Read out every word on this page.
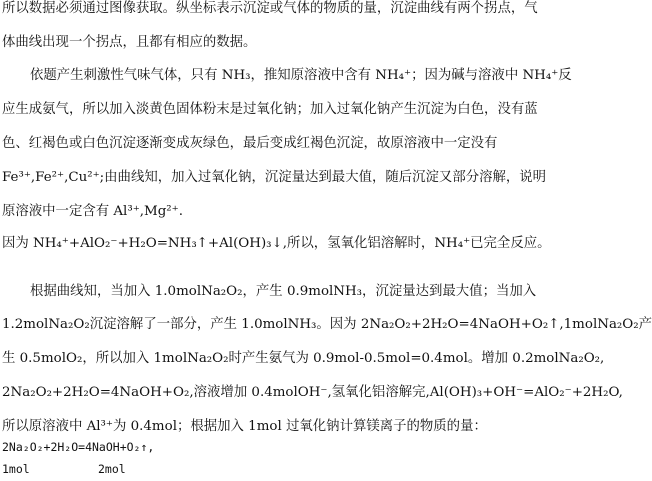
所以数据必须通过图像获取。纵坐标表示沉淀或气体的物质的量，沉淀曲线有两个拐点，气
体曲线出现一个拐点，且都有相应的数据。
依题产生刺激性气味气体，只有 NH₃，推知原溶液中含有 NH₄⁺；因为碱与溶液中 NH₄⁺反
应生成氨气，所以加入淡黄色固体粉末是过氧化钠；加入过氧化钠产生沉淀为白色，没有蓝
色、红褐色或白色沉淀逐渐变成灰绿色，最后变成红褐色沉淀，故原溶液中一定没有
Fe³⁺,Fe²⁺,Cu²⁺;由曲线知，加入过氧化钠，沉淀量达到最大值，随后沉淀又部分溶解，说明
原溶液中一定含有 Al³⁺,Mg²⁺.
因为 NH₄⁺+AlO₂⁻+H₂O=NH₃↑+Al(OH)₃↓,所以，氢氧化铝溶解时，NH₄⁺已完全反应。
根据曲线知，当加入 1.0molNa₂O₂，产生 0.9molNH₃，沉淀量达到最大值；当加入
1.2molNa₂O₂沉淀溶解了一部分，产生 1.0molNH₃。因为 2Na₂O₂+2H₂O=4NaOH+O₂↑,1molNa₂O₂产
生 0.5molO₂，所以加入 1molNa₂O₂时产生氨气为 0.9mol-0.5mol=0.4mol。增加 0.2molNa₂O₂,
2Na₂O₂+2H₂O=4NaOH+O₂,溶液增加 0.4molOH⁻,氢氧化铝溶解完,Al(OH)₃+OH⁻=AlO₂⁻+2H₂O,
所以原溶液中 Al³⁺为 0.4mol；根据加入 1mol 过氧化钠计算镁离子的物质的量：
2Na₂O₂+2H₂O=4NaOH+O₂↑,
1mol	2mol
